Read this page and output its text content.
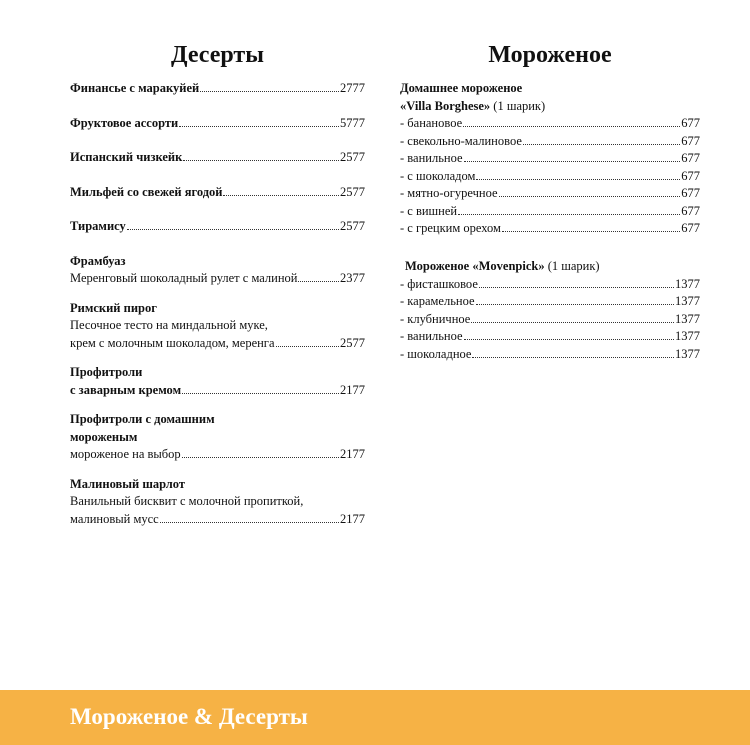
Десерты
Финансье с маракуйей	2777
Фруктовое ассорти	5777
Испанский чизкейк	2577
Мильфей со свежей ягодой	2577
Тирамису	2577
Фрамбуаз
Меренговый шоколадный рулет с малиной	2377
Римский пирог
Песочное тесто на миндальной муке,
крем с молочным шоколадом, меренга	2577
Профитроли
с заварным кремом	2177
Профитроли с домашним
мороженым
мороженое на выбор	2177
Малиновый шарлот
Ванильный бисквит с молочной пропиткой,
малиновый мусс	2177
Мороженое
Домашнее мороженое
«Villa Borghese» (1 шарик)
- банановое	677
- свекольно-малиновое	677
- ванильное	677
- с шоколадом	677
- мятно-огуречное	677
- с вишней	677
- с грецким орехом	677
Мороженое «Movenpick» (1 шарик)
- фисташковое	1377
- карамельное	1377
- клубничное	1377
- ванильное	1377
- шоколадное	1377
Мороженое & Десерты
